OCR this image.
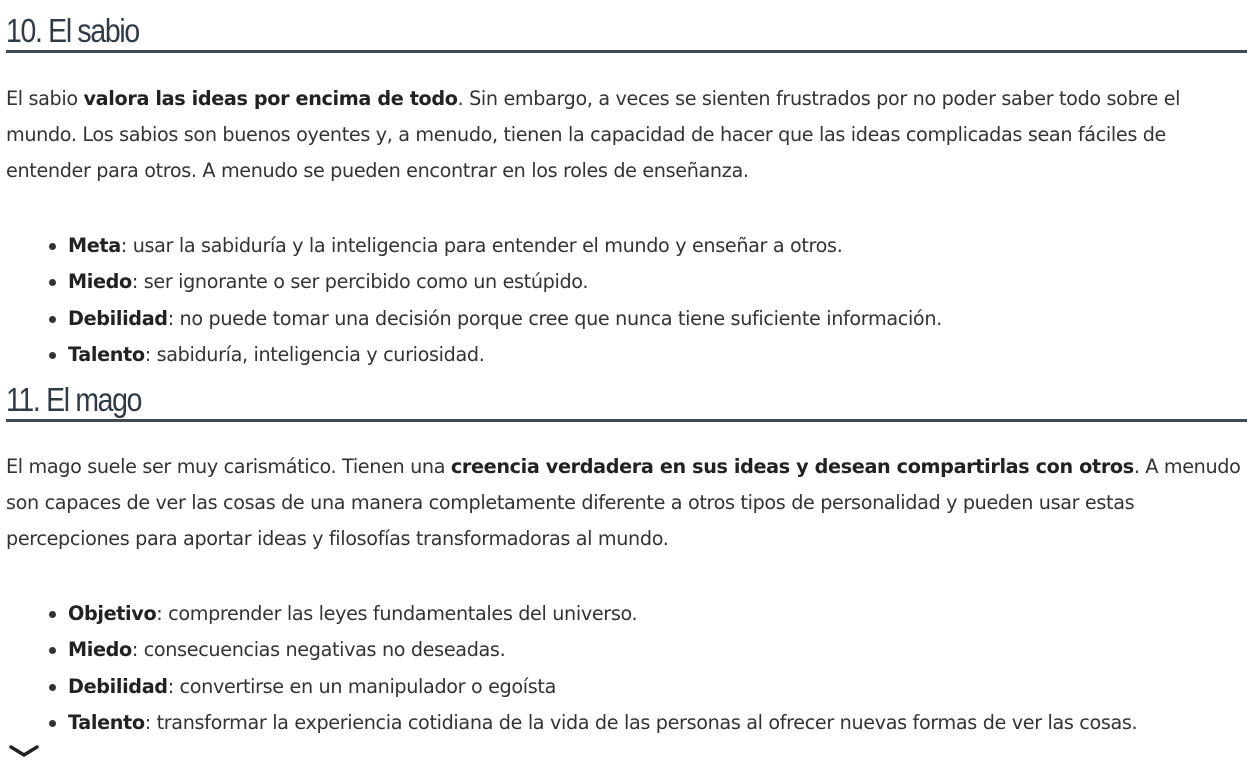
10. El sabio

El sabio valora las ideas por encima de todo. Sin embargo, a veces se sienten frustrados por no poder saber todo sobre el mundo. Los sabios son buenos oyentes y, a menudo, tienen la capacidad de hacer que las ideas complicadas sean fáciles de entender para otros. A menudo se pueden encontrar en los roles de enseñanza.

Meta: usar la sabiduría y la inteligencia para entender el mundo y enseñar a otros.
Miedo: ser ignorante o ser percibido como un estúpido.
Debilidad: no puede tomar una decisión porque cree que nunca tiene suficiente información.
Talento: sabiduría, inteligencia y curiosidad.
11. El mago

El mago suele ser muy carismático. Tienen una creencia verdadera en sus ideas y desean compartirlas con otros. A menudo son capaces de ver las cosas de una manera completamente diferente a otros tipos de personalidad y pueden usar estas percepciones para aportar ideas y filosofías transformadoras al mundo.

Objetivo: comprender las leyes fundamentales del universo.
Miedo: consecuencias negativas no deseadas.
Debilidad: convertirse en un manipulador o egoísta
Talento: transformar la experiencia cotidiana de la vida de las personas al ofrecer nuevas formas de ver las cosas.
